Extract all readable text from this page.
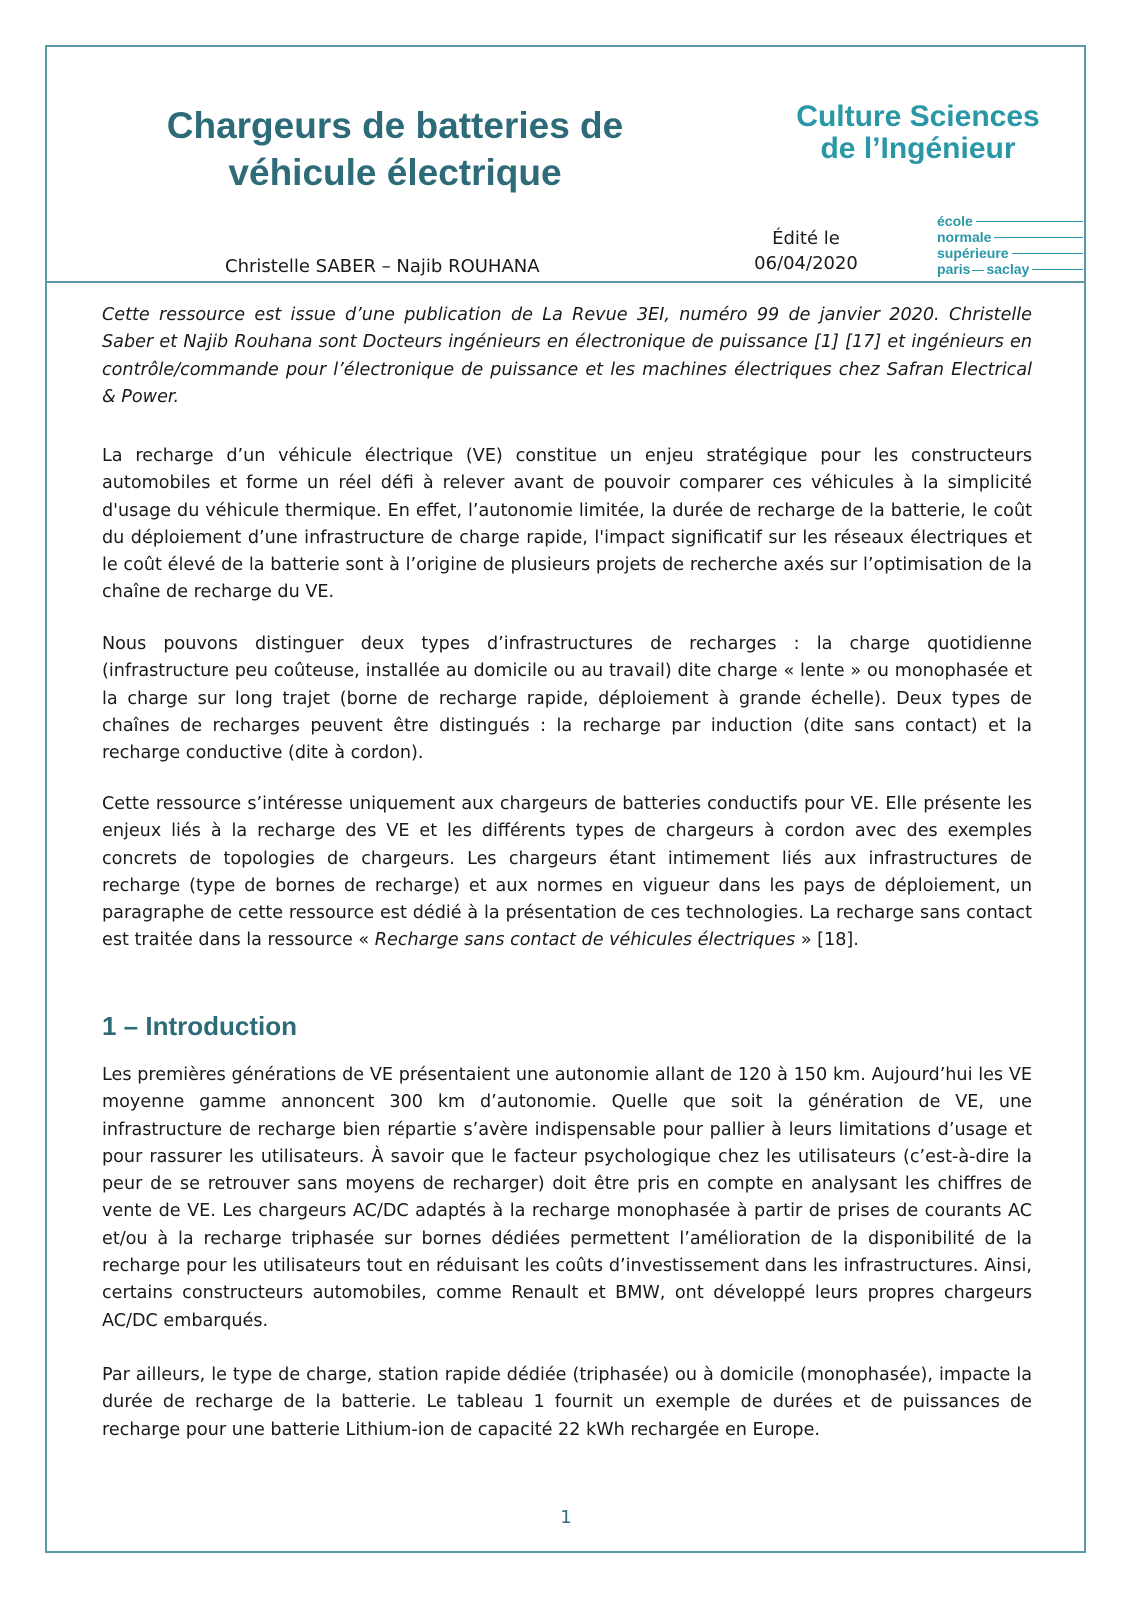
Chargeurs de batteries de
véhicule électrique
Culture Sciences
de l’Ingénieur
Édité le
06/04/2020
école
normale
supérieure
paris saclay
Christelle SABER – Najib ROUHANA

Cette ressource est issue d’une publication de La Revue 3EI, numéro 99 de janvier 2020. Christelle Saber et Najib Rouhana sont Docteurs ingénieurs en électronique de puissance [1] [17] et ingénieurs en contrôle/commande pour l’électronique de puissance et les machines électriques chez Safran Electrical & Power.

La recharge d’un véhicule électrique (VE) constitue un enjeu stratégique pour les constructeurs automobiles et forme un réel défi à relever avant de pouvoir comparer ces véhicules à la simplicité d'usage du véhicule thermique. En effet, l’autonomie limitée, la durée de recharge de la batterie, le coût du déploiement d’une infrastructure de charge rapide, l'impact significatif sur les réseaux électriques et le coût élevé de la batterie sont à l’origine de plusieurs projets de recherche axés sur l’optimisation de la chaîne de recharge du VE.

Nous pouvons distinguer deux types d’infrastructures de recharges : la charge quotidienne (infrastructure peu coûteuse, installée au domicile ou au travail) dite charge « lente » ou monophasée et la charge sur long trajet (borne de recharge rapide, déploiement à grande échelle). Deux types de chaînes de recharges peuvent être distingués : la recharge par induction (dite sans contact) et la recharge conductive (dite à cordon).

Cette ressource s’intéresse uniquement aux chargeurs de batteries conductifs pour VE. Elle présente les enjeux liés à la recharge des VE et les différents types de chargeurs à cordon avec des exemples concrets de topologies de chargeurs. Les chargeurs étant intimement liés aux infrastructures de recharge (type de bornes de recharge) et aux normes en vigueur dans les pays de déploiement, un paragraphe de cette ressource est dédié à la présentation de ces technologies. La recharge sans contact est traitée dans la ressource « Recharge sans contact de véhicules électriques » [18].

1 – Introduction

Les premières générations de VE présentaient une autonomie allant de 120 à 150 km. Aujourd’hui les VE moyenne gamme annoncent 300 km d’autonomie. Quelle que soit la génération de VE, une infrastructure de recharge bien répartie s’avère indispensable pour pallier à leurs limitations d’usage et pour rassurer les utilisateurs. À savoir que le facteur psychologique chez les utilisateurs (c’est-à-dire la peur de se retrouver sans moyens de recharger) doit être pris en compte en analysant les chiffres de vente de VE. Les chargeurs AC/DC adaptés à la recharge monophasée à partir de prises de courants AC et/ou à la recharge triphasée sur bornes dédiées permettent l’amélioration de la disponibilité de la recharge pour les utilisateurs tout en réduisant les coûts d’investissement dans les infrastructures. Ainsi, certains constructeurs automobiles, comme Renault et BMW, ont développé leurs propres chargeurs AC/DC embarqués.

Par ailleurs, le type de charge, station rapide dédiée (triphasée) ou à domicile (monophasée), impacte la durée de recharge de la batterie. Le tableau 1 fournit un exemple de durées et de puissances de recharge pour une batterie Lithium-ion de capacité 22 kWh rechargée en Europe.

1
